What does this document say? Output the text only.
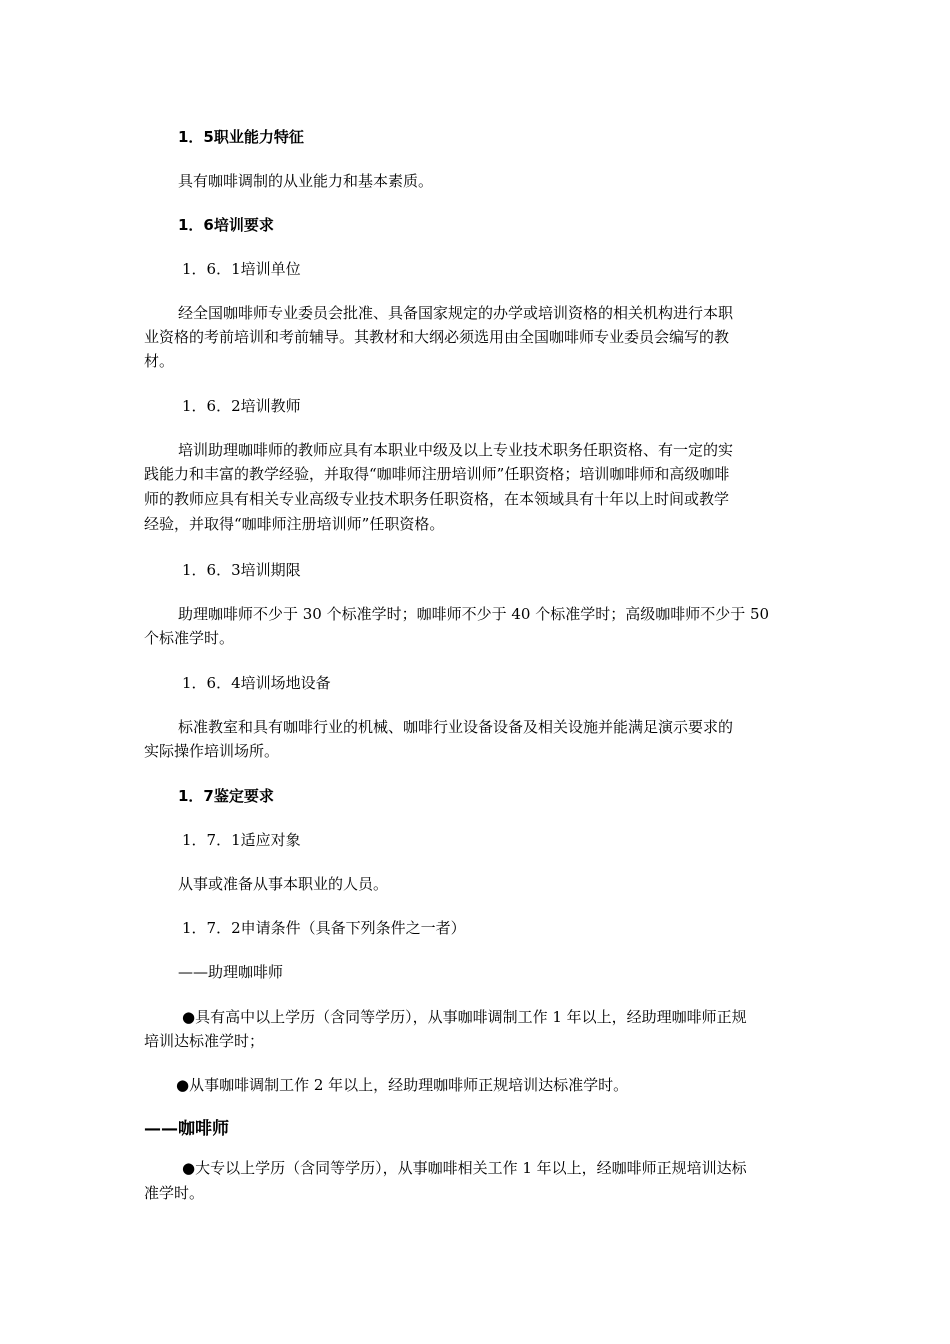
1．5职业能力特征
具有咖啡调制的从业能力和基本素质。
1．6培训要求
1．6．1培训单位
经全国咖啡师专业委员会批准、具备国家规定的办学或培训资格的相关机构进行本职
业资格的考前培训和考前辅导。其教材和大纲必须选用由全国咖啡师专业委员会编写的教
材。
1．6．2培训教师
培训助理咖啡师的教师应具有本职业中级及以上专业技术职务任职资格、有一定的实
践能力和丰富的教学经验，并取得“咖啡师注册培训师”任职资格；培训咖啡师和高级咖啡
师的教师应具有相关专业高级专业技术职务任职资格，在本领域具有十年以上时间或教学
经验，并取得“咖啡师注册培训师”任职资格。
1．6．3培训期限
助理咖啡师不少于 30 个标准学时；咖啡师不少于 40 个标准学时；高级咖啡师不少于 50
个标准学时。
1．6．4培训场地设备
标准教室和具有咖啡行业的机械、咖啡行业设备设备及相关设施并能满足演示要求的
实际操作培训场所。
1．7鉴定要求
1．7．1适应对象
从事或准备从事本职业的人员。
1．7．2申请条件（具备下列条件之一者）
——助理咖啡师
●具有高中以上学历（含同等学历），从事咖啡调制工作 1 年以上，经助理咖啡师正规
培训达标准学时；
●从事咖啡调制工作 2 年以上，经助理咖啡师正规培训达标准学时。
——咖啡师
●大专以上学历（含同等学历），从事咖啡相关工作 1 年以上，经咖啡师正规培训达标
准学时。
